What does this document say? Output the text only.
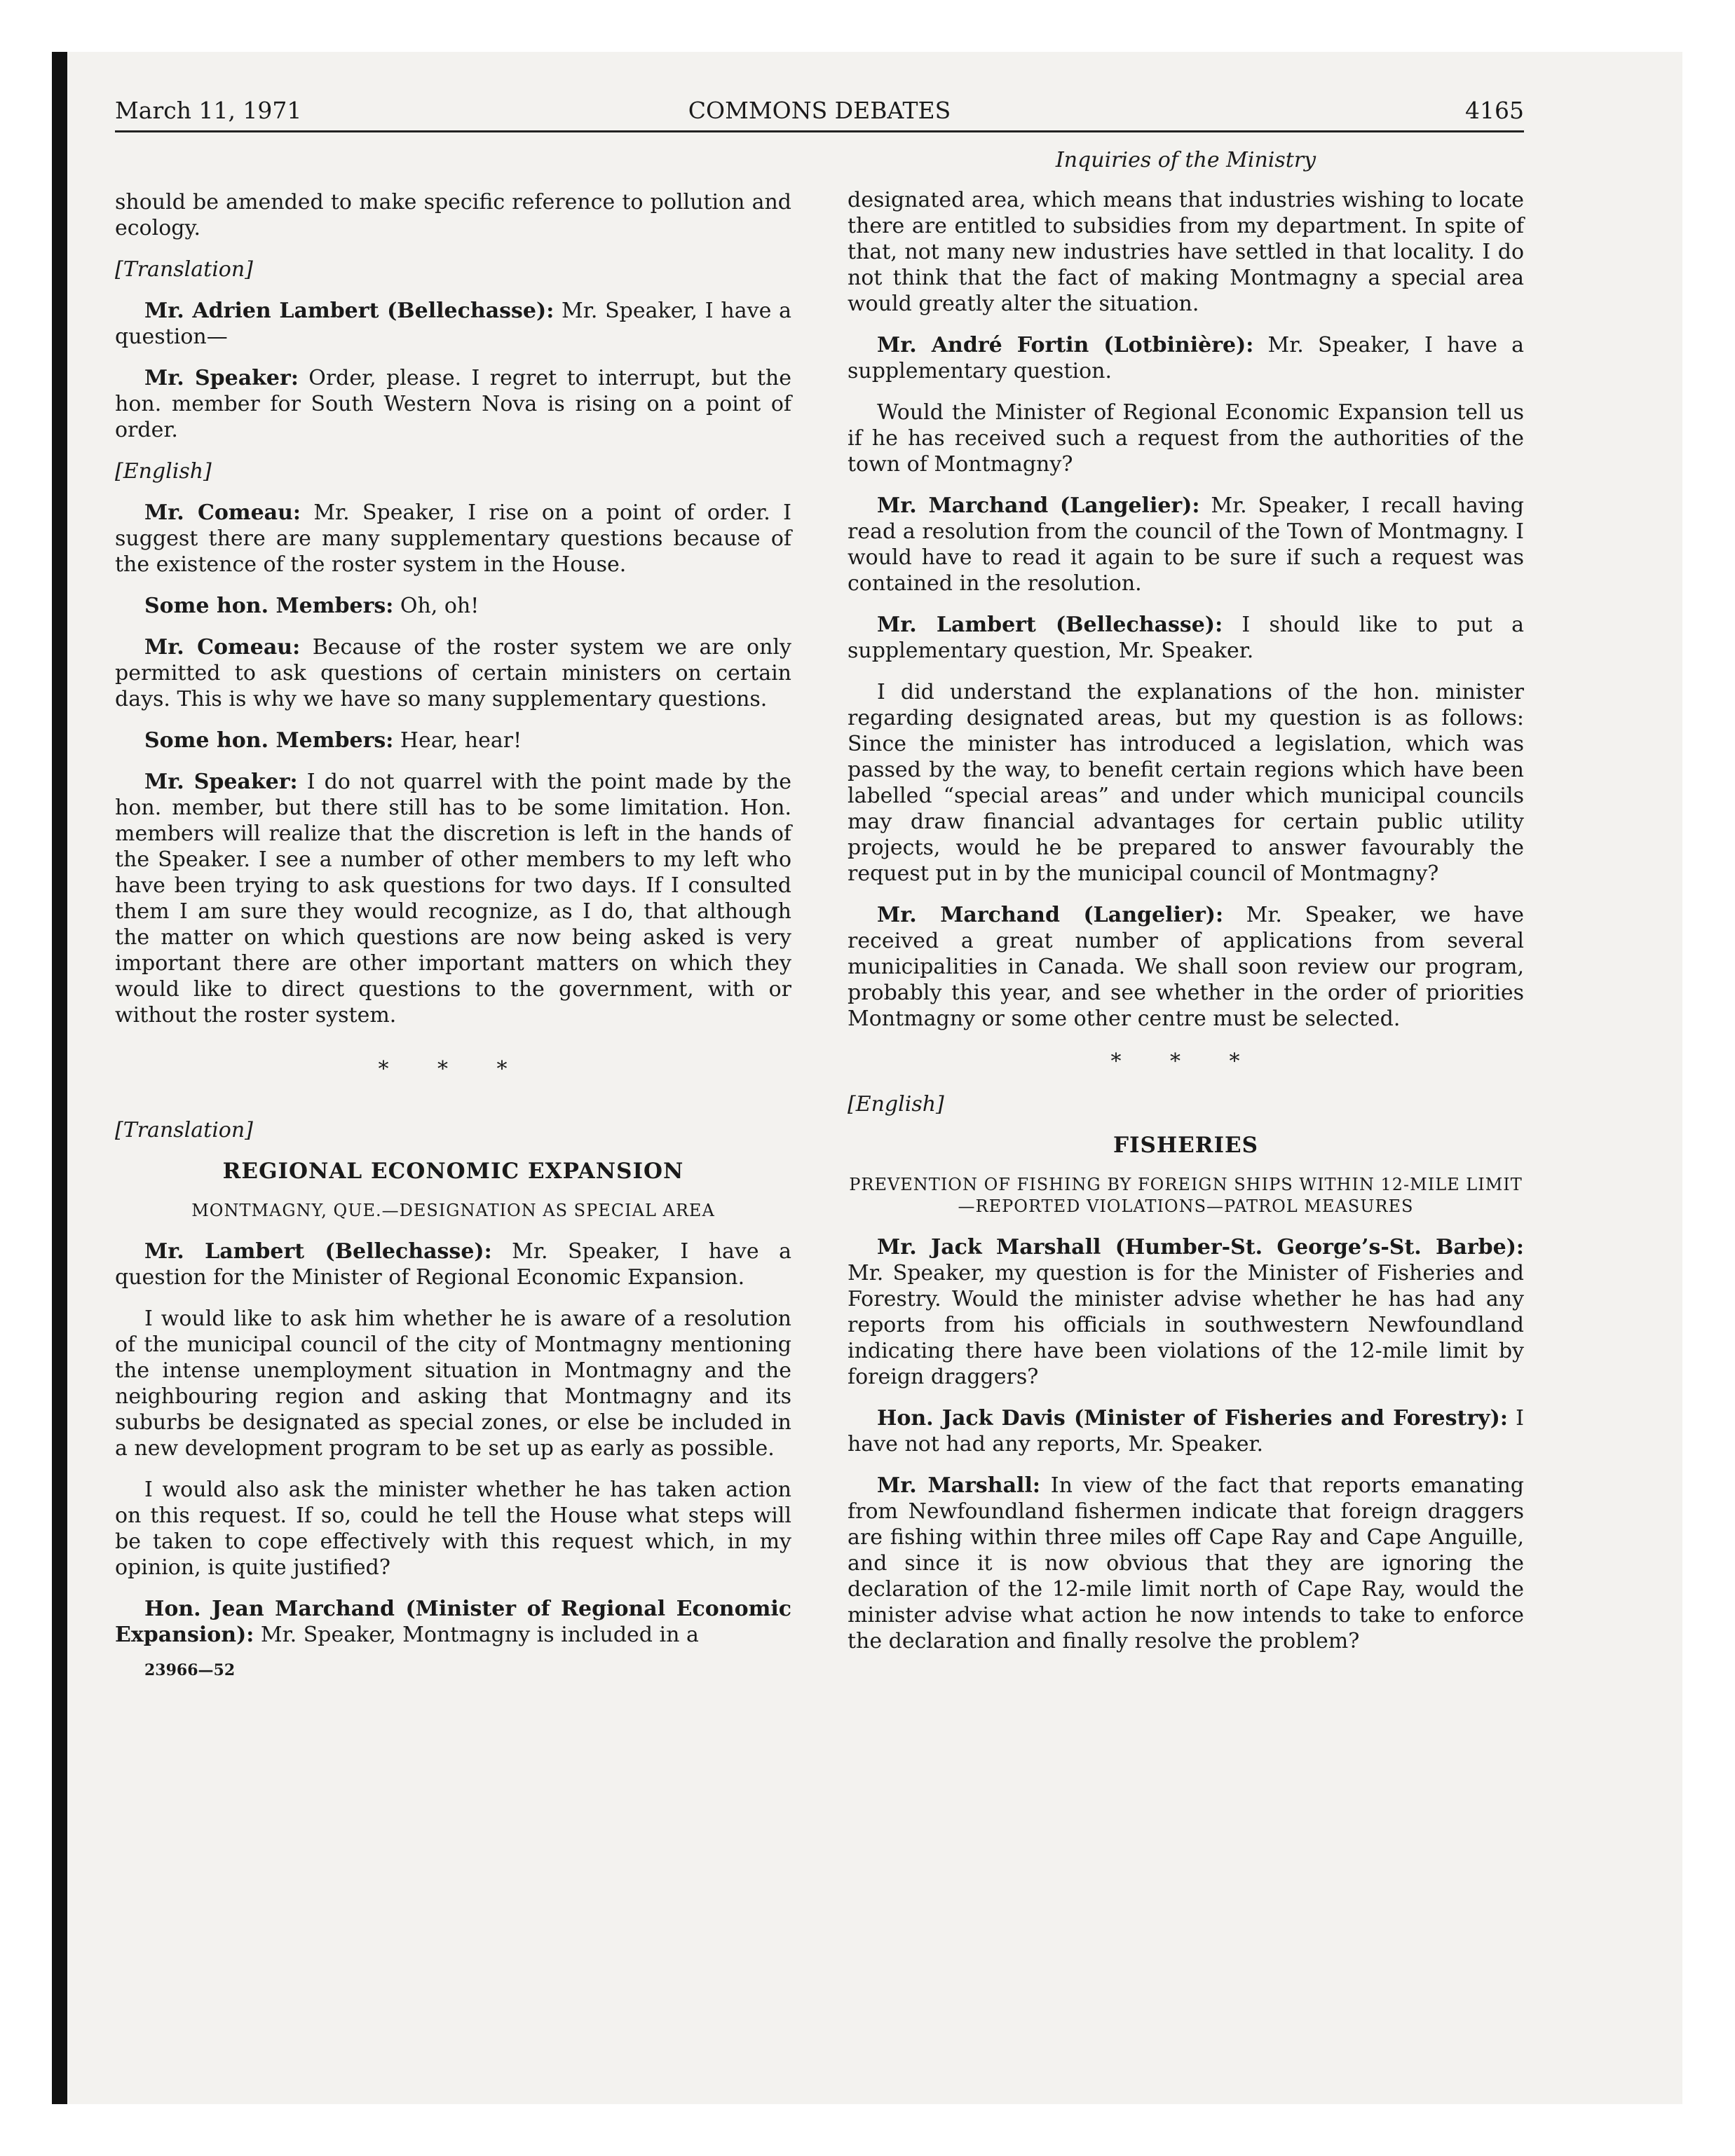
March 11, 1971	COMMONS DEBATES	4165

should be amended to make specific reference to pollution and ecology.

[Translation]

Mr. Adrien Lambert (Bellechasse): Mr. Speaker, I have a question—

Mr. Speaker: Order, please. I regret to interrupt, but the hon. member for South Western Nova is rising on a point of order.

[English]

Mr. Comeau: Mr. Speaker, I rise on a point of order. I suggest there are many supplementary questions because of the existence of the roster system in the House.

Some hon. Members: Oh, oh!

Mr. Comeau: Because of the roster system we are only permitted to ask questions of certain ministers on certain days. This is why we have so many supplementary questions.

Some hon. Members: Hear, hear!

Mr. Speaker: I do not quarrel with the point made by the hon. member, but there still has to be some limitation. Hon. members will realize that the discretion is left in the hands of the Speaker. I see a number of other members to my left who have been trying to ask questions for two days. If I consulted them I am sure they would recognize, as I do, that although the matter on which questions are now being asked is very important there are other important matters on which they would like to direct questions to the government, with or without the roster system.

* * *

[Translation]

REGIONAL ECONOMIC EXPANSION
MONTMAGNY, QUE.—DESIGNATION AS SPECIAL AREA

Mr. Lambert (Bellechasse): Mr. Speaker, I have a question for the Minister of Regional Economic Expansion.

I would like to ask him whether he is aware of a resolution of the municipal council of the city of Montmagny mentioning the intense unemployment situation in Montmagny and the neighbouring region and asking that Montmagny and its suburbs be designated as special zones, or else be included in a new development program to be set up as early as possible.

I would also ask the minister whether he has taken action on this request. If so, could he tell the House what steps will be taken to cope effectively with this request which, in my opinion, is quite justified?

Hon. Jean Marchand (Minister of Regional Economic Expansion): Mr. Speaker, Montmagny is included in a

23966—52
Inquiries of the Ministry

designated area, which means that industries wishing to locate there are entitled to subsidies from my department. In spite of that, not many new industries have settled in that locality. I do not think that the fact of making Montmagny a special area would greatly alter the situation.

Mr. André Fortin (Lotbinière): Mr. Speaker, I have a supplementary question.

Would the Minister of Regional Economic Expansion tell us if he has received such a request from the authorities of the town of Montmagny?

Mr. Marchand (Langelier): Mr. Speaker, I recall having read a resolution from the council of the Town of Montmagny. I would have to read it again to be sure if such a request was contained in the resolution.

Mr. Lambert (Bellechasse): I should like to put a supplementary question, Mr. Speaker.

I did understand the explanations of the hon. minister regarding designated areas, but my question is as follows: Since the minister has introduced a legislation, which was passed by the way, to benefit certain regions which have been labelled “special areas” and under which municipal councils may draw financial advantages for certain public utility projects, would he be prepared to answer favourably the request put in by the municipal council of Montmagny?

Mr. Marchand (Langelier): Mr. Speaker, we have received a great number of applications from several municipalities in Canada. We shall soon review our program, probably this year, and see whether in the order of priorities Montmagny or some other centre must be selected.

* * *

[English]

FISHERIES
PREVENTION OF FISHING BY FOREIGN SHIPS WITHIN 12-MILE LIMIT—REPORTED VIOLATIONS—PATROL MEASURES

Mr. Jack Marshall (Humber-St. George’s-St. Barbe): Mr. Speaker, my question is for the Minister of Fisheries and Forestry. Would the minister advise whether he has had any reports from his officials in southwestern Newfoundland indicating there have been violations of the 12-mile limit by foreign draggers?

Hon. Jack Davis (Minister of Fisheries and Forestry): I have not had any reports, Mr. Speaker.

Mr. Marshall: In view of the fact that reports emanating from Newfoundland fishermen indicate that foreign draggers are fishing within three miles off Cape Ray and Cape Anguille, and since it is now obvious that they are ignoring the declaration of the 12-mile limit north of Cape Ray, would the minister advise what action he now intends to take to enforce the declaration and finally resolve the problem?
